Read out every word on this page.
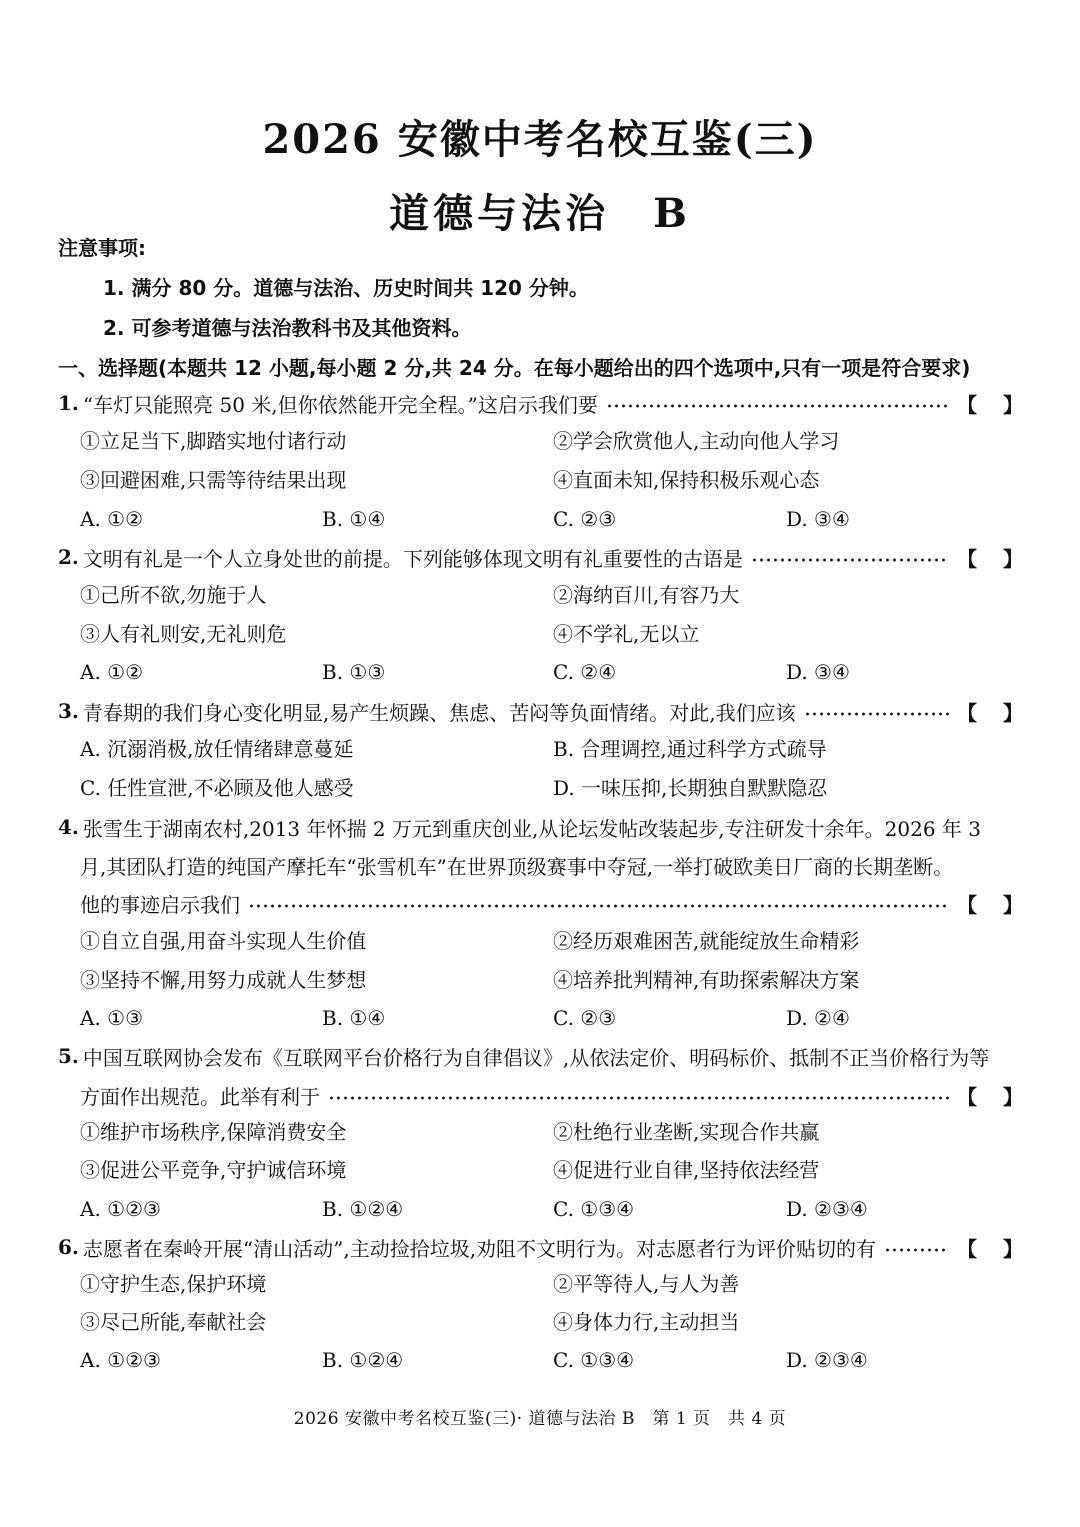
2026 安徽中考名校互鉴(三)
道德与法治　B
注意事项:
1. 满分 80 分。道德与法治、历史时间共 120 分钟。
2. 可参考道德与法治教科书及其他资料。
一、选择题(本题共 12 小题,每小题 2 分,共 24 分。在每小题给出的四个选项中,只有一项是符合要求)
1. “车灯只能照亮 50 米,但你依然能开完全程。”这启示我们要	【 】
①立足当下,脚踏实地付诸行动	②学会欣赏他人,主动向他人学习
③回避困难,只需等待结果出现	④直面未知,保持积极乐观心态
A. ①②	B. ①④	C. ②③	D. ③④
2. 文明有礼是一个人立身处世的前提。下列能够体现文明有礼重要性的古语是	【 】
①己所不欲,勿施于人	②海纳百川,有容乃大
③人有礼则安,无礼则危	④不学礼,无以立
A. ①②	B. ①③	C. ②④	D. ③④
3. 青春期的我们身心变化明显,易产生烦躁、焦虑、苦闷等负面情绪。对此,我们应该	【 】
A. 沉溺消极,放任情绪肆意蔓延	B. 合理调控,通过科学方式疏导
C. 任性宣泄,不必顾及他人感受	D. 一味压抑,长期独自默默隐忍
4. 张雪生于湖南农村,2013 年怀揣 2 万元到重庆创业,从论坛发帖改装起步,专注研发十余年。2026 年 3
月,其团队打造的纯国产摩托车“张雪机车”在世界顶级赛事中夺冠,一举打破欧美日厂商的长期垄断。
他的事迹启示我们	【 】
①自立自强,用奋斗实现人生价值	②经历艰难困苦,就能绽放生命精彩
③坚持不懈,用努力成就人生梦想	④培养批判精神,有助探索解决方案
A. ①③	B. ①④	C. ②③	D. ②④
5. 中国互联网协会发布《互联网平台价格行为自律倡议》,从依法定价、明码标价、抵制不正当价格行为等
方面作出规范。此举有利于	【 】
①维护市场秩序,保障消费安全	②杜绝行业垄断,实现合作共赢
③促进公平竞争,守护诚信环境	④促进行业自律,坚持依法经营
A. ①②③	B. ①②④	C. ①③④	D. ②③④
6. 志愿者在秦岭开展“清山活动”,主动捡拾垃圾,劝阻不文明行为。对志愿者行为评价贴切的有	【 】
①守护生态,保护环境	②平等待人,与人为善
③尽己所能,奉献社会	④身体力行,主动担当
A. ①②③	B. ①②④	C. ①③④	D. ②③④
2026 安徽中考名校互鉴(三)· 道德与法治 B　第 1 页　共 4 页
